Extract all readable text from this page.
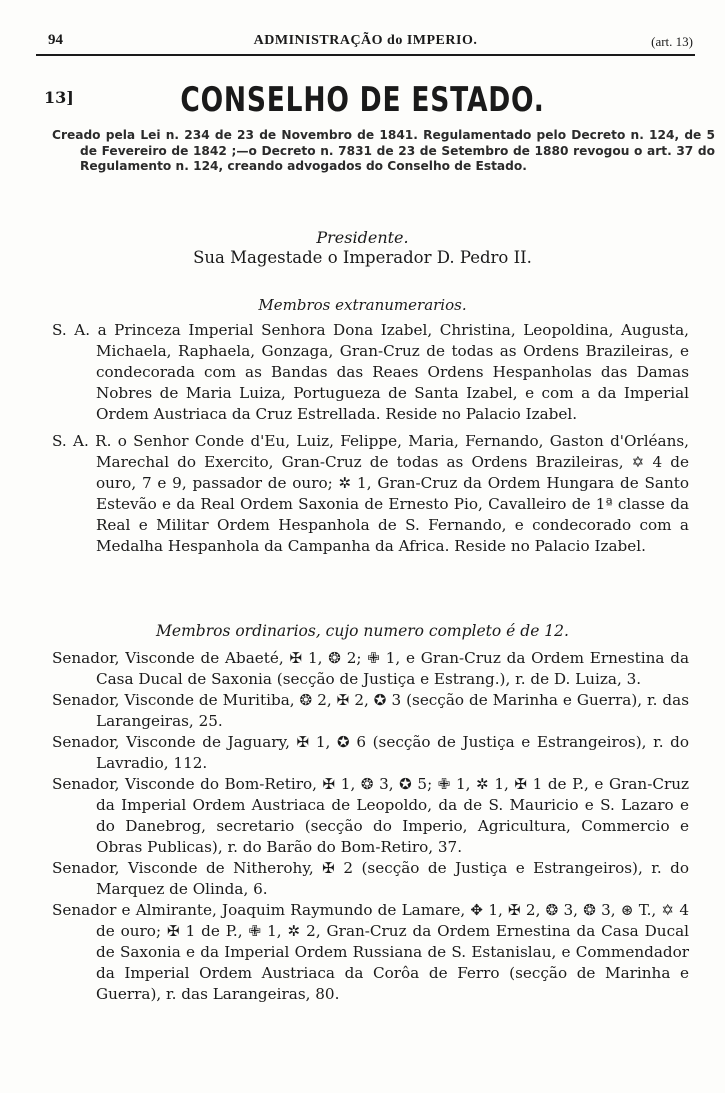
94	ADMINISTRAÇÃO do IMPERIO.	(art. 13)
13]	CONSELHO DE ESTADO.
Creado pela Lei n. 234 de 23 de Novembro de 1841. Regulamentado pelo Decreto n. 124, de 5 de Fevereiro de 1842 ;—o Decreto n. 7831 de 23 de Setembro de 1880 revogou o art. 37 do Regulamento n. 124, creando advogados do Conselho de Estado.
Presidente.
Sua Magestade o Imperador D. Pedro II.
Membros extranumerarios.

S. A. a Princeza Imperial Senhora Dona Izabel, Christina, Leopoldina, Augusta, Michaela, Raphaela, Gonzaga, Gran-Cruz de todas as Ordens Brazileiras, e condecorada com as Bandas das Reaes Ordens Hespanholas das Damas Nobres de Maria Luiza, Portugueza de Santa Izabel, e com a da Imperial Ordem Austriaca da Cruz Estrellada. Reside no Palacio Izabel.

S. A. R. o Senhor Conde d'Eu, Luiz, Felippe, Maria, Fernando, Gaston d'Orléans, Marechal do Exercito, Gran-Cruz de todas as Ordens Brazileiras, ✡ 4 de ouro, 7 e 9, passador de ouro; ✲ 1, Gran-Cruz da Ordem Hungara de Santo Estevão e da Real Ordem Saxonia de Ernesto Pio, Cavalleiro de 1ª classe da Real e Militar Ordem Hespanhola de S. Fernando, e condecorado com a Medalha Hespanhola da Campanha da Africa. Reside no Palacio Izabel.

Membros ordinarios, cujo numero completo é de 12.

Senador, Visconde de Abaeté, ✠ 1, ❂ 2; ✙ 1, e Gran-Cruz da Ordem Ernestina da Casa Ducal de Saxonia (secção de Justiça e Estrang.), r. de D. Luiza, 3.

Senador, Visconde de Muritiba, ❂ 2, ✠ 2, ✪ 3 (secção de Marinha e Guerra), r. das Larangeiras, 25.

Senador, Visconde de Jaguary, ✠ 1, ✪ 6 (secção de Justiça e Estrangeiros), r. do Lavradio, 112.

Senador, Visconde do Bom-Retiro, ✠ 1, ❂ 3, ✪ 5; ✙ 1, ✲ 1, ✠ 1 de P., e Gran-Cruz da Imperial Ordem Austriaca de Leopoldo, da de S. Mauricio e S. Lazaro e do Danebrog, secretario (secção do Imperio, Agricultura, Commercio e Obras Publicas), r. do Barão do Bom-Retiro, 37.

Senador, Visconde de Nitherohy, ✠ 2 (secção de Justiça e Estrangeiros), r. do Marquez de Olinda, 6.

Senador e Almirante, Joaquim Raymundo de Lamare, ✥ 1, ✠ 2, ❂ 3, ❂ 3, ⊛ T., ✡ 4 de ouro; ✠ 1 de P., ✙ 1, ✲ 2, Gran-Cruz da Ordem Ernestina da Casa Ducal de Saxonia e da Imperial Ordem Russiana de S. Estanislau, e Commendador da Imperial Ordem Austriaca da Corôa de Ferro (secção de Marinha e Guerra), r. das Larangeiras, 80.
